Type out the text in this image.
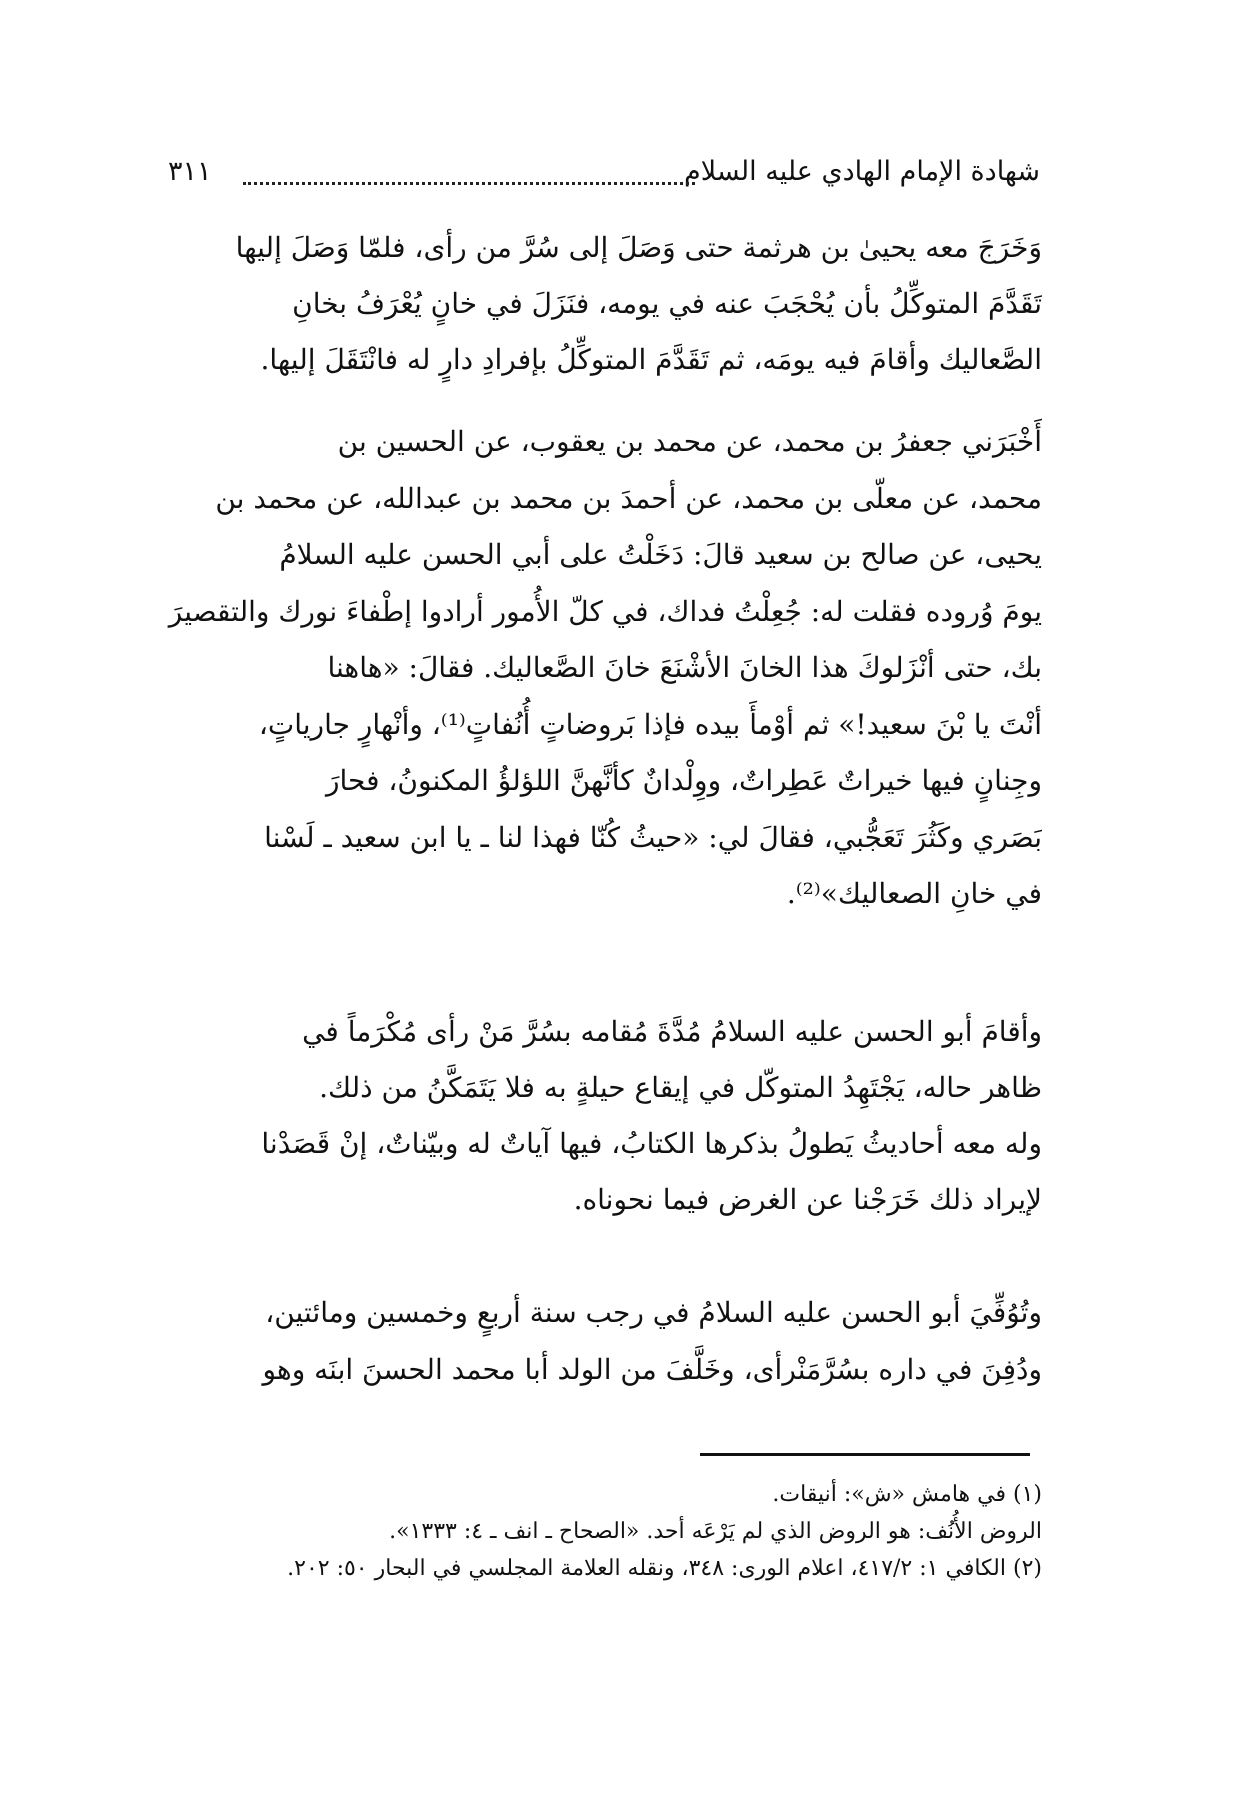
شهادة الإمام الهادي عليه السلام
٣١١
وَخَرَجَ معه يحيىٰ بن هرثمة حتى وَصَلَ إلى سُرَّ من رأى، فلمّا وَصَلَ إليها
تَقَدَّمَ المتوكِّلُ بأن يُحْجَبَ عنه في يومه، فنَزَلَ في خانٍ يُعْرَفُ بخانِ
الصَّعاليك وأقامَ فيه يومَه، ثم تَقَدَّمَ المتوكِّلُ بإفرادِ دارٍ له فانْتَقَلَ إليها.
أَخْبَرَني جعفرُ بن محمد، عن محمد بن يعقوب، عن الحسين بن
محمد، عن معلّى بن محمد، عن أحمدَ بن محمد بن عبدالله، عن محمد بن
يحيى، عن صالح بن سعيد قالَ: دَخَلْتُ على أبي الحسن عليه السلامُ
يومَ وُروده فقلت له: جُعِلْتُ فداك، في كلّ الأُمور أرادوا إطْفاءَ نورك والتقصيرَ
بك، حتى أنْزَلوكَ هذا الخانَ الأشْنَعَ خانَ الصَّعاليك. فقالَ: «هاهنا
أنْتَ يا بْنَ سعيد!» ثم أوْمأَ بيده فإذا بَروضاتٍ أُنُفاتٍ⁽¹⁾، وأنْهارٍ جارياتٍ،
وجِنانٍ فيها خيراتٌ عَطِراتٌ، ووِلْدانٌ كأنَّهنَّ اللؤلؤُ المكنونُ، فحارَ
بَصَري وكَثُرَ تَعَجُّبي، فقالَ لي: «حيثُ كُنّا فهذا لنا ـ يا ابن سعيد ـ لَسْنا
في خانِ الصعاليك»⁽²⁾.
وأقامَ أبو الحسن عليه السلامُ مُدَّةَ مُقامه بسُرَّ مَنْ رأى مُكْرَماً في
ظاهر حاله، يَجْتَهِدُ المتوكّل في إيقاع حيلةٍ به فلا يَتَمَكَّنُ من ذلك.
وله معه أحاديثُ يَطولُ بذكرها الكتابُ، فيها آياتٌ له وبيّناتٌ، إنْ قَصَدْنا
لإيراد ذلك خَرَجْنا عن الغرض فيما نحوناه.
وتُوُفِّيَ أبو الحسن عليه السلامُ في رجب سنة أربعٍ وخمسين ومائتين،
ودُفِنَ في داره بسُرَّمَنْرأى، وخَلَّفَ من الولد أبا محمد الحسنَ ابنَه وهو
(١) في هامش «ش»: أنيقات.
الروض الأُنُف: هو الروض الذي لم يَرْعَه أحد. «الصحاح ـ انف ـ ٤: ١٣٣٣».
(٢) الكافي ١: ٤١٧/٢، اعلام الورى: ٣٤٨، ونقله العلامة المجلسي في البحار ٥٠: ٢٠٢.
